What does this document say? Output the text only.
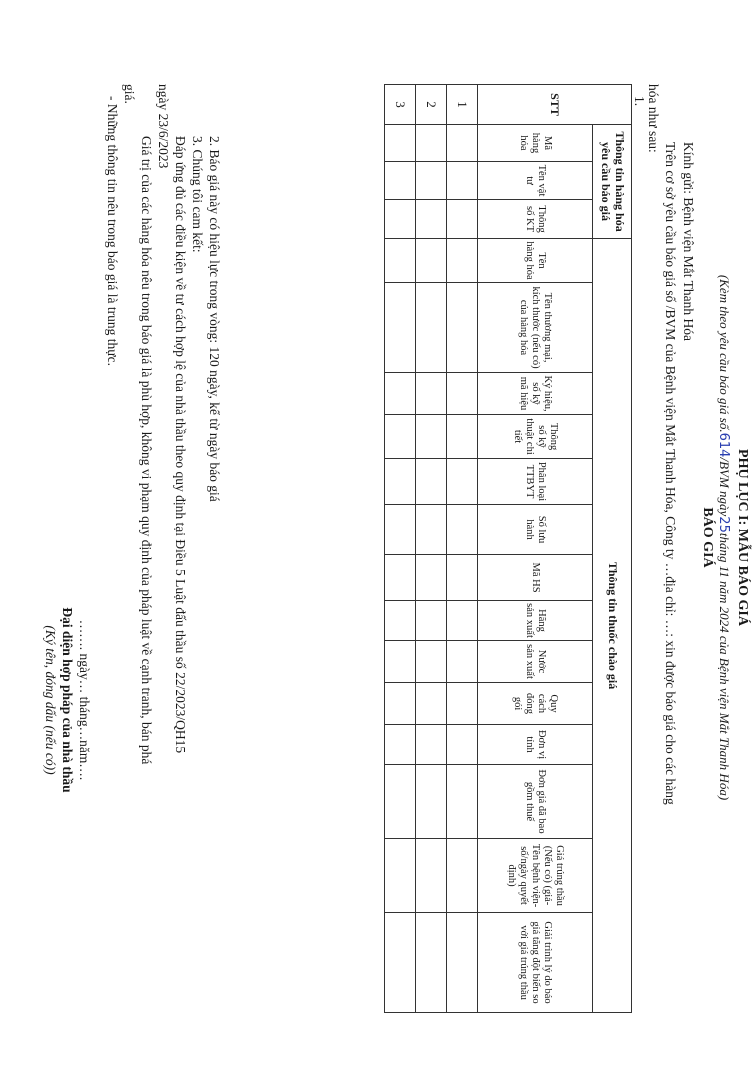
PHỤ LỤC I: MẪU BÁO GIÁ
(Kèm theo yêu cầu báo giá số.614/BVM ngày25tháng 11 năm 2024 của Bệnh viện Mắt Thanh Hóa)
BÁO GIÁ
Kính gửi: Bệnh viện Mắt Thanh Hóa
Trên cơ sở yêu cầu báo giá số /BVM của Bệnh viện Mắt Thanh Hóa, Công ty …địa chỉ: …: xin được báo giá cho các hàng
hóa như sau:
1.
STT	Thông tin hàng hóa yêu cầu báo giá			Thông tin thuốc chào giá													
	Mã hàng hóa	Tên vật tư	Thông số KT	Tên hàng hóa	Tên thương mại, kích thước (nếu có) của hàng hóa	Ký hiệu, số kỹ mã hiệu	Thông số kỹ thuật chi tiết	Phân loại TTBYT	Số lưu hành	Mã HS	Hãng sản xuất	Nước sản xuất	Quy cách đóng gói	Đơn vị tính	Đơn giá đã bao gồm thuế	Giá trúng thầu (Nếu có) (giá-Tên bệnh viện-số/ngày quyết định)	Giải trình lý do báo giá tăng đột biến so với giá trúng thầu
1																	
2																	
3																	
2. Báo giá này có hiệu lực trong vòng: 120 ngày, kể từ ngày báo giá
3. Chúng tôi cam kết:
Đáp ứng đủ các điều kiện về tư cách hợp lệ của nhà thầu theo quy định tại Điều 5 Luật đấu thầu số 22/2023/QH15
ngày 23/6/2023
Giá trị của các hàng hóa nêu trong báo giá là phù hợp, không vi phạm quy định của pháp luật về cạnh tranh, bán phá
giá.
- Những thông tin nêu trong báo giá là trung thực.
……. ngày… tháng…năm….
Đại diện hợp pháp của nhà thầu
(Ký tên, đóng dấu (nếu có))
